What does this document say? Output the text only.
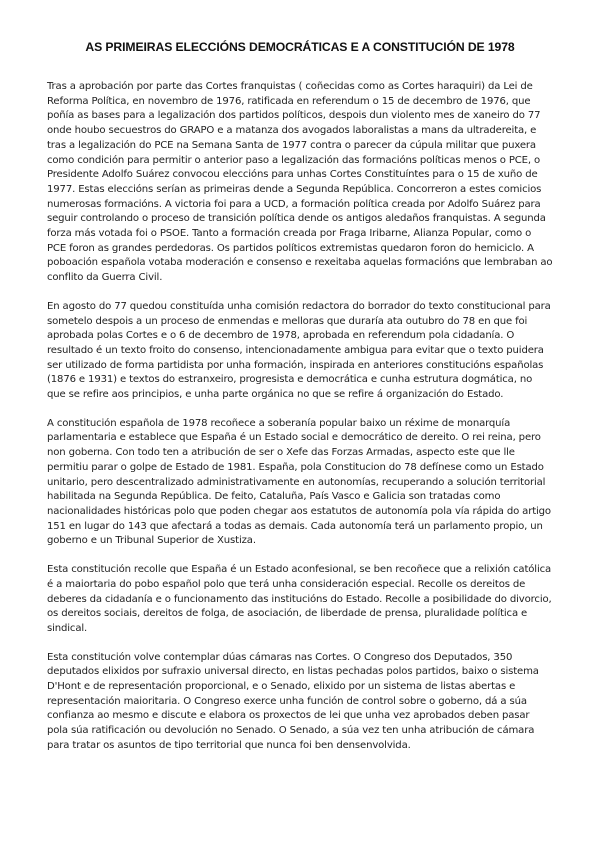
AS PRIMEIRAS ELECCIÓNS DEMOCRÁTICAS E A CONSTITUCIÓN DE 1978

Tras a aprobación por parte das Cortes franquistas ( coñecidas como as Cortes haraquiri) da Lei de Reforma Política, en novembro de 1976, ratificada en referendum o 15 de decembro de 1976, que poñía as bases para a legalización dos partidos políticos, despois dun violento mes de xaneiro do 77 onde houbo secuestros do GRAPO e a matanza dos avogados laboralistas a mans da ultradereita, e tras a legalización do PCE na Semana Santa de 1977 contra o parecer da cúpula militar que puxera como condición para permitir o anterior paso a legalización das formacións políticas menos o PCE, o Presidente Adolfo Suárez convocou eleccións para unhas Cortes Constituíntes para o 15 de xuño de 1977. Estas eleccións serían as primeiras dende a Segunda República. Concorreron a estes comicios numerosas formacións. A victoria foi para a UCD, a formación política creada por Adolfo Suárez para seguir controlando o proceso de transición política dende os antigos aledaños franquistas. A segunda forza más votada foi o PSOE. Tanto a formación creada por Fraga Iribarne, Alianza Popular, como o PCE foron as grandes perdedoras. Os partidos políticos extremistas quedaron foron do hemiciclo. A poboación española votaba moderación e consenso e rexeitaba aquelas formacións que lembraban ao conflito da Guerra Civil.

En agosto do 77 quedou constituída unha comisión redactora do borrador do texto constitucional para sometelo despois a un proceso de enmendas e melloras que duraría ata outubro do 78 en que foi aprobada polas Cortes e o 6 de decembro de 1978, aprobada en referendum pola cidadanía. O resultado é un texto froito do consenso, intencionadamente ambigua para evitar que o texto puidera ser utilizado de forma partidista por unha formación, inspirada en anteriores constitucións españolas (1876 e 1931) e textos do estranxeiro, progresista e democrática e cunha estrutura dogmática, no que se refire aos principios, e unha parte orgánica no que se refire á organización do Estado.

A constitución española de 1978 recoñece a soberanía popular baixo un réxime de monarquía parlamentaria e establece que España é un Estado social e democrático de dereito. O rei reina, pero non goberna. Con todo ten a atribución de ser o Xefe das Forzas Armadas, aspecto este que lle permitiu parar o golpe de Estado de 1981. España, pola Constitucion do 78 defínese como un Estado unitario, pero descentralizado administrativamente en autonomías, recuperando a solución territorial habilitada na Segunda República. De feito, Cataluña, País Vasco e Galicia son tratadas como nacionalidades históricas polo que poden chegar aos estatutos de autonomía pola vía rápida do artigo 151 en lugar do 143 que afectará a todas as demais. Cada autonomía terá un parlamento propio, un goberno e un Tribunal Superior de Xustiza.

Esta constitución recolle que España é un Estado aconfesional, se ben recoñece que a relixión católica é a maiortaria do pobo español polo que terá unha consideración especial. Recolle os dereitos de deberes da cidadanía e o funcionamento das institucións do Estado. Recolle a posibilidade do divorcio, os dereitos sociais, dereitos de folga, de asociación, de liberdade de prensa, pluralidade política e sindical.

Esta constitución volve contemplar dúas cámaras nas Cortes. O Congreso dos Deputados, 350 deputados elixidos por sufraxio universal directo, en listas pechadas polos partidos, baixo o sistema D'Hont e de representación proporcional, e o Senado, elixido por un sistema de listas abertas e representación maioritaria. O Congreso exerce unha función de control sobre o goberno, dá a súa confianza ao mesmo e discute e elabora os proxectos de lei que unha vez aprobados deben pasar pola súa ratificación ou devolución no Senado. O Senado, a súa vez ten unha atribución de cámara para tratar os asuntos de tipo territorial que nunca foi ben densenvolvida.
